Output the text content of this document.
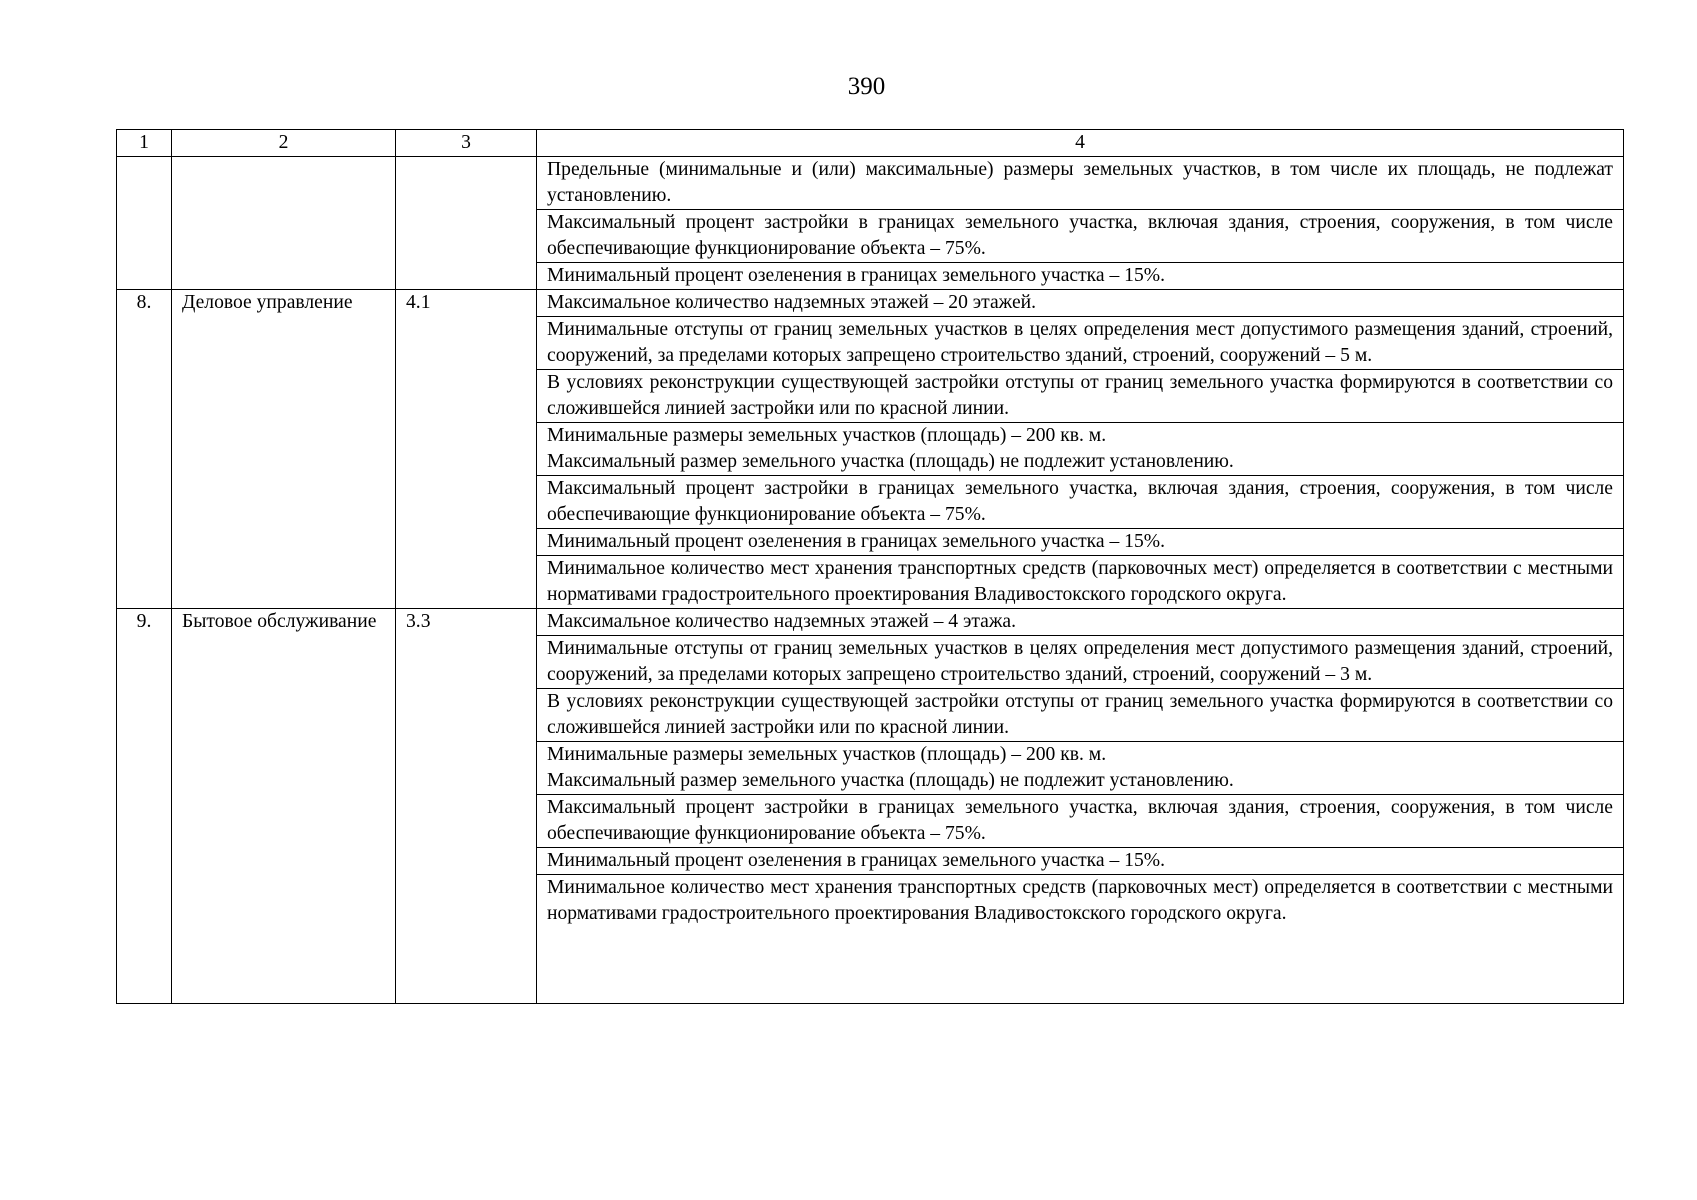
390
1	2	3	4
			Предельные (минимальные и (или) максимальные) размеры земельных участков, в том числе их площадь, не подлежат установлению.
			Максимальный процент застройки в границах земельного участка, включая здания, строения, сооружения, в том числе обеспечивающие функционирование объекта – 75%.
			Минимальный процент озеленения в границах земельного участка – 15%.
8.	Деловое управление	4.1	Максимальное количество надземных этажей – 20 этажей.
			Минимальные отступы от границ земельных участков в целях определения мест допустимого размещения зданий, строений, сооружений, за пределами которых запрещено строительство зданий, строений, сооружений – 5 м.
			В условиях реконструкции существующей застройки отступы от границ земельного участка формируются в соответствии со сложившейся линией застройки или по красной линии.

			Минимальные размеры земельных участков (площадь) – 200 кв. м.
Максимальный размер земельного участка (площадь) не подлежит установлению.

			Максимальный процент застройки в границах земельного участка, включая здания, строения, сооружения, в том числе обеспечивающие функционирование объекта – 75%.
			Минимальный процент озеленения в границах земельного участка – 15%.
			Минимальное количество мест хранения транспортных средств (парковочных мест) определяется в соответствии с местными нормативами градостроительного проектирования Владивостокского городского округа.
9.	Бытовое обслуживание	3.3	Максимальное количество надземных этажей – 4 этажа.
			Минимальные отступы от границ земельных участков в целях определения мест допустимого размещения зданий, строений, сооружений, за пределами которых запрещено строительство зданий, строений, сооружений – 3 м.
			В условиях реконструкции существующей застройки отступы от границ земельного участка формируются в соответствии со сложившейся линией застройки или по красной линии.

			Минимальные размеры земельных участков (площадь) – 200 кв. м.
Максимальный размер земельного участка (площадь) не подлежит установлению.

			Максимальный процент застройки в границах земельного участка, включая здания, строения, сооружения, в том числе обеспечивающие функционирование объекта – 75%.
			Минимальный процент озеленения в границах земельного участка – 15%.
			Минимальное количество мест хранения транспортных средств (парковочных мест) определяется в соответствии с местными нормативами градостроительного проектирования Владивостокского городского округа.
